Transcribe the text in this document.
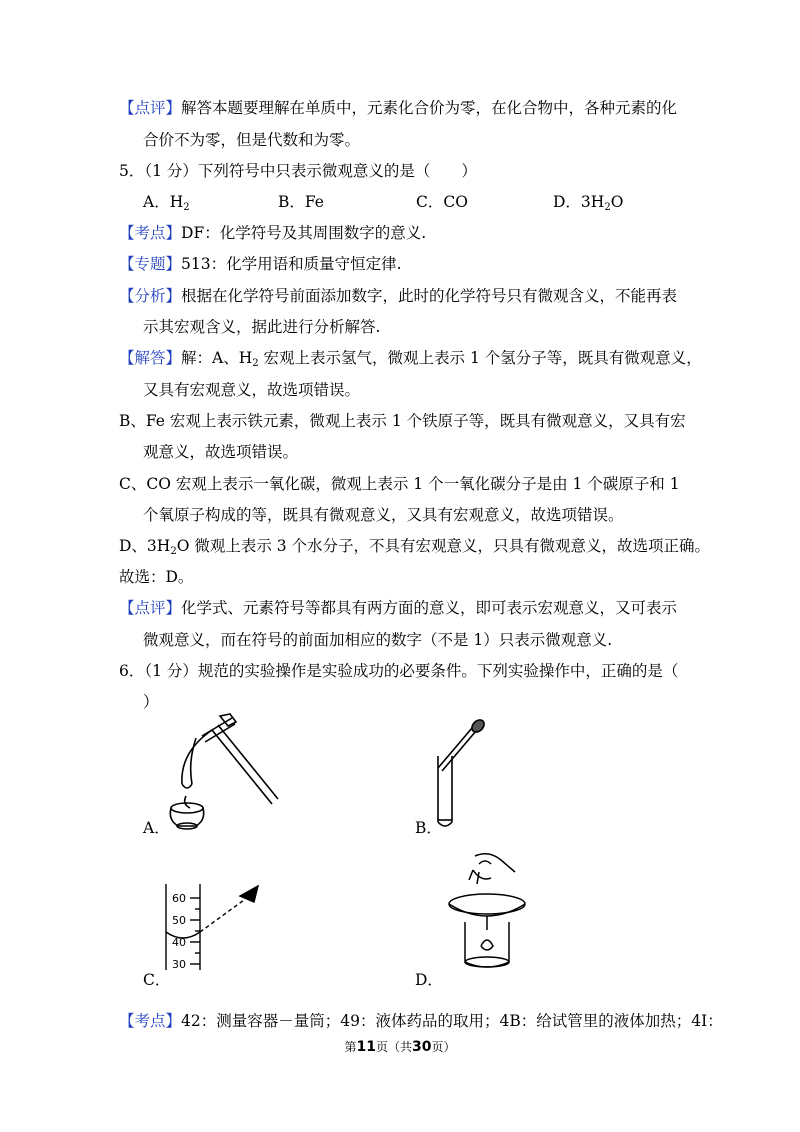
【点评】解答本题要理解在单质中，元素化合价为零，在化合物中，各种元素的化
合价不为零，但是代数和为零。
5．（1 分）下列符号中只表示微观意义的是（　　）
A．$H_2$	B．Fe	C．CO	D．$3H_2O$
【考点】DF：化学符号及其周围数字的意义.
【专题】513：化学用语和质量守恒定律.
【分析】根据在化学符号前面添加数字，此时的化学符号只有微观含义，不能再表
示其宏观含义，据此进行分析解答.
【解答】解：A、$H_2$ 宏观上表示氢气，微观上表示 1 个氢分子等，既具有微观意义，
又具有宏观意义，故选项错误。
B、Fe 宏观上表示铁元素，微观上表示 1 个铁原子等，既具有微观意义，又具有宏
观意义，故选项错误。
C、CO 宏观上表示一氧化碳，微观上表示 1 个一氧化碳分子是由 1 个碳原子和 1
个氧原子构成的等，既具有微观意义，又具有宏观意义，故选项错误。
D、$3H_2O$ 微观上表示 3 个水分子，不具有宏观意义，只具有微观意义，故选项正确。
故选：D。
【点评】化学式、元素符号等都具有两方面的意义，即可表示宏观意义，又可表示
微观意义，而在符号的前面加相应的数字（不是 1）只表示微观意义.
6．（1 分）规范的实验操作是实验成功的必要条件。下列实验操作中，正确的是（
）
A．	B．
60
50
40
30
C．	D．
【考点】42：测量容器－量筒；49：液体药品的取用；4B：给试管里的液体加热；4I：
第11页（共30页）
